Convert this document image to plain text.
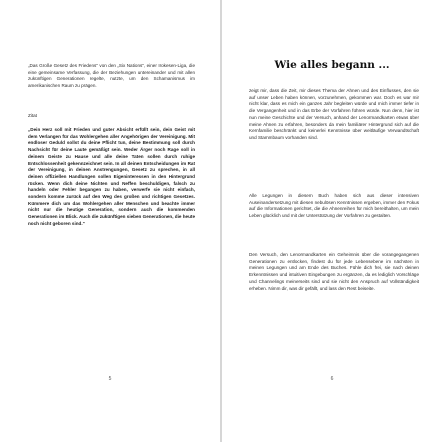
„Das Große Gesetz des Friedens" von den „Six Nations", einer Irokesen-Liga, die eine gemeinsame Verfassung, die der Beziehungen untereinander und mit allen zukünftigen Generationen regelte, nutzte, um den Schamanismus im amerikanischen Raum zu prägen.
Zitat
„Dein Herz soll mit Frieden und guter Absicht erfüllt sein, dein Geist mit dem Verlangen für das Wohlergehen aller Angehörigen der Vereinigung. Mit endloser Geduld sollst du deine Pflicht tun, deine Bestimmung soll durch Nachsicht für deine Laute gemäßigt sein. Weder Ärger noch Rage soll in deinem Geiste zu Hause und alle deine Taten sollen durch ruhige Entschlossenheit gekennzeichnet sein. In all deinen Entscheidungen im Rat der Vereinigung, in deinen Anstrengungen, Gesetz zu sprechen, in all deinen offiziellen Handlungen sollen Eigeninteressen in den Hintergrund rücken. Wenn dich deine Nichten und Neffen beschuldigen, falsch zu handeln oder Fehler begangen zu haben, verwerfe sie nicht einfach, sondern komme zurück auf den Weg des großen und richtigen Gesetzes. Kümmere dich um das Wohlergehen aller Menschen und beachte immer nicht nur die heutige Generation, sondern auch die kommenden Generationen im Blick. Auch die zukünftigen sieben Generationen, die heute noch nicht geboren sind."
5
Wie alles begann ...
zeigt mir, dass die Zeit, mir dieses Thema der Ahnen und des Einflusses, den sie auf unser Leben haben können, vorzunehmen, gekommen war. Doch es war mir nicht klar, dass es mich ein ganzes Jahr begleiten würde und mich immer tiefer in die Vergangenheit und in das Erbe der Vorfahren führen würde. Nun denn, hier ist nun meine Geschichte und der Versuch, anhand der Lenormandkarten etwas über meine Ahnen zu erfahren, besonders da mein familiärer Hintergrund sich auf die Kernfamilie beschränkt und keinerlei Kenntnisse über weitläufige Verwandtschaft und Stammbaum vorhanden sind.
Alle Legungen in diesem Buch haben sich aus dieser intensiven Auseinandersetzung mit diesen nebulösen Kenntnissen ergeben, immer den Fokus auf die Informationen gerichtet, die die Ahnenreihen für mich bereithalten, um mein Leben glücklich und mit der Unterstützung der Vorfahren zu gestalten.
Den Versuch, den Lenormandkarten ein Geheimnis über die vorangegangenen Generationen zu entlocken, findest du für jede Lebensebene im nächsten in meinen Legungen und am Ende des Buches. Fühle dich frei, sie nach deinen Erkenntnissen und intuitiven Eingebungen zu ergänzen, da es lediglich Vorschläge und Channelings meinerseits sind und sie nicht den Anspruch auf Vollständigkeit erheben. Nimm dir, was dir gefällt, und lass den Rest beiseite.
6
